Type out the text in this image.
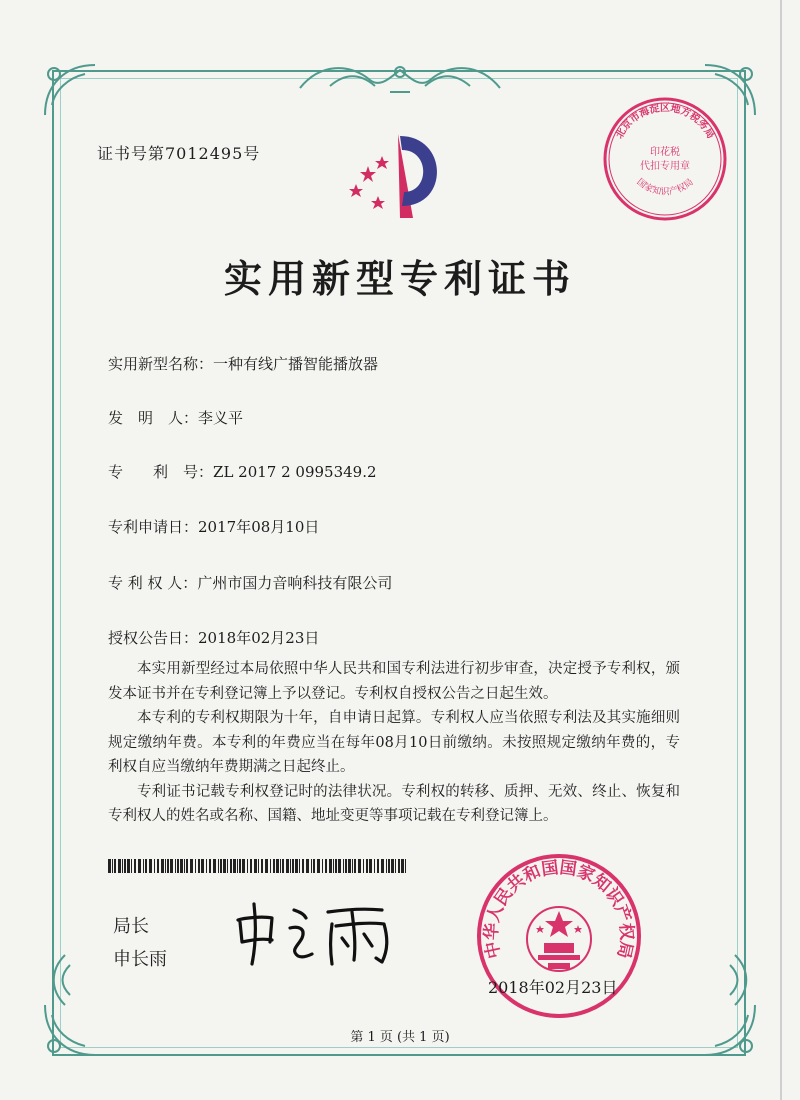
证书号第7012495号
北京市海淀区地方税务局
印花税
代扣专用章
国家知识产权局
实用新型专利证书
实用新型名称：一种有线广播智能播放器
发　明　人：李义平
专　　利　号：ZL 2017 2 0995349.2
专利申请日：2017年08月10日
专 利 权 人：广州市国力音响科技有限公司
授权公告日：2018年02月23日

本实用新型经过本局依照中华人民共和国专利法进行初步审查，决定授予专利权，颁发本证书并在专利登记簿上予以登记。专利权自授权公告之日起生效。

本专利的专利权期限为十年，自申请日起算。专利权人应当依照专利法及其实施细则规定缴纳年费。本专利的年费应当在每年08月10日前缴纳。未按照规定缴纳年费的，专利权自应当缴纳年费期满之日起终止。

专利证书记载专利权登记时的法律状况。专利权的转移、质押、无效、终止、恢复和专利权人的姓名或名称、国籍、地址变更等事项记载在专利登记簿上。

局长
申长雨	中华人民共和国国家知识产权局
2018年02月23日
第 1 页 (共 1 页)
